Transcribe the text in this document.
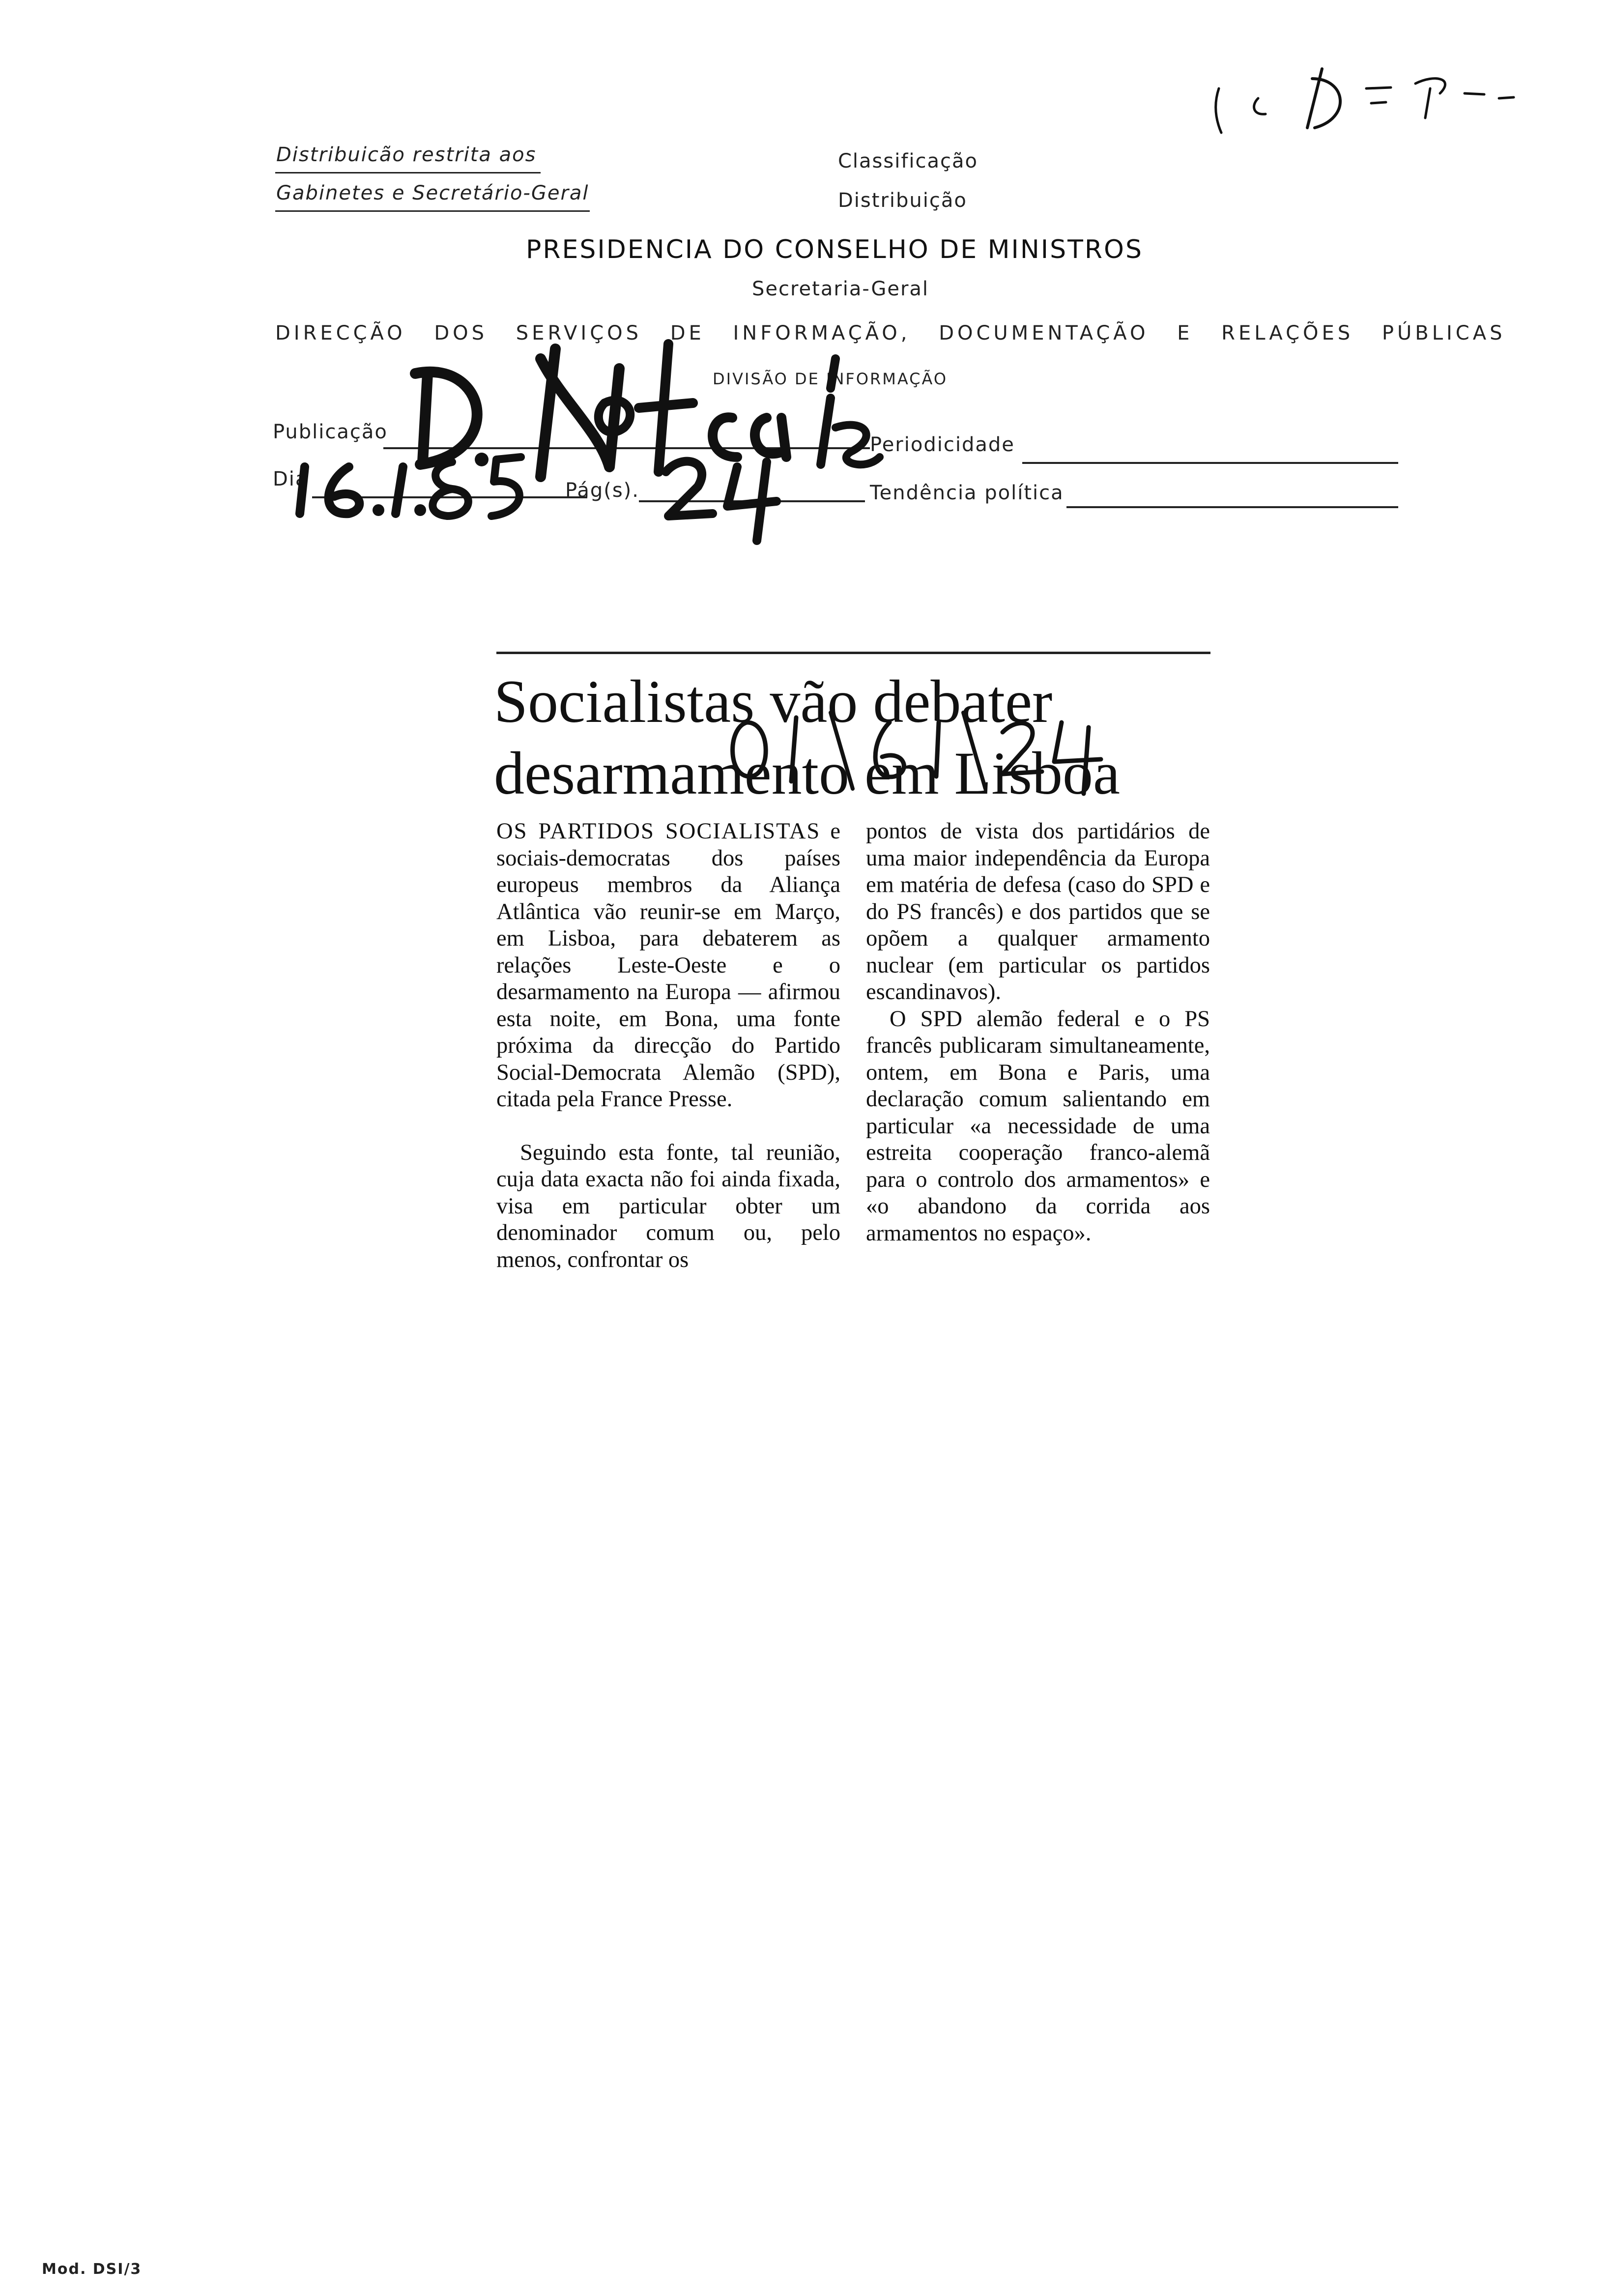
Distribuicão restrita aos
Gabinetes e Secretário-Geral
Classificação
Distribuição
PRESIDENCIA DO CONSELHO DE MINISTROS
Secretaria-Geral
DIRECÇÃO DOS SERVIÇOS DE INFORMAÇÃO, DOCUMENTAÇÃO E RELAÇÕES PÚBLICAS
DIVISÃO DE INFORMAÇÃO
Publicação
Periodicidade
Dia	Pág(s).	Tendência política
Socialistas vão debater
desarmamento em Lisboa

OS PARTIDOS SOCIALISTAS e sociais-democratas dos países europeus membros da Aliança Atlântica vão reunir-se em Março, em Lisboa, para debaterem as relações Leste-Oeste e o desarmamento na Europa — afirmou esta noite, em Bona, uma fonte próxima da direcção do Partido Social-Democrata Alemão (SPD), citada pela France Presse.

Seguindo esta fonte, tal reunião, cuja data exacta não foi ainda fixada, visa em particular obter um denominador comum ou, pelo menos, confrontar os

pontos de vista dos partidários de uma maior independência da Europa em matéria de defesa (caso do SPD e do PS francês) e dos partidos que se opõem a qualquer armamento nuclear (em particular os partidos escandinavos).

O SPD alemão federal e o PS francês publicaram simultaneamente, ontem, em Bona e Paris, uma declaração comum salientando em particular «a necessidade de uma estreita cooperação franco-alemã para o controlo dos armamentos» e «o abandono da corrida aos armamentos no espaço».

Mod. DSI/3
